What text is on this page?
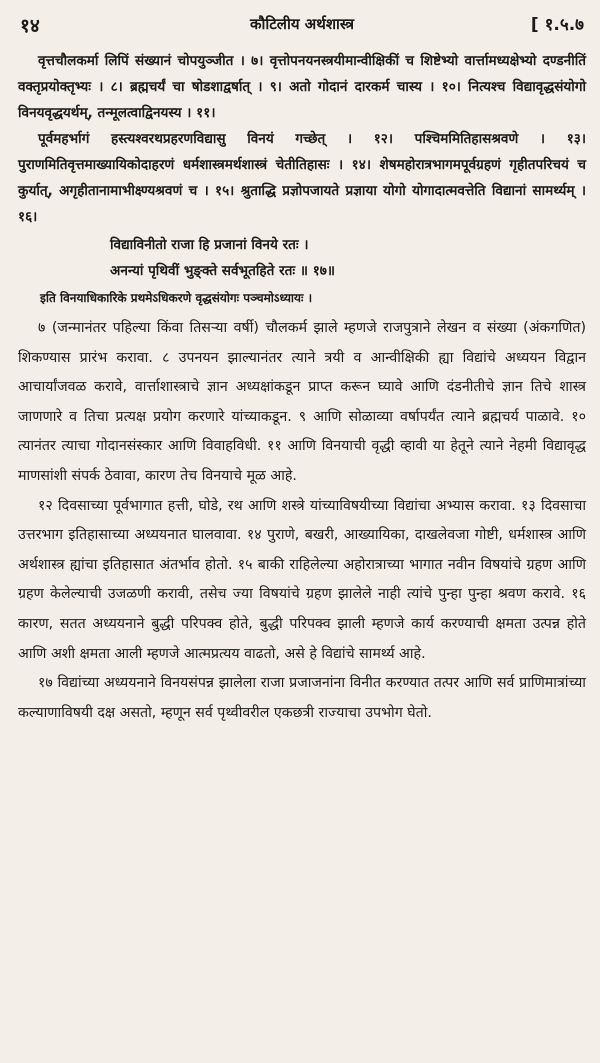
१४	कौटिलीय अर्थशास्त्र	[ १.५.७

वृत्तचौलकर्मा लिपिं संख्यानं चोपयुञ्जीत । ७। वृत्तोपनयनस्त्रयीमान्वीक्षिकीं च शिष्टेभ्यो वार्त्तामध्यक्षेभ्यो दण्डनीतिं वक्तृप्रयोक्तृभ्यः । ८। ब्रह्मचर्यं चा षोडशाद्वर्षात् । ९। अतो गोदानं दारकर्म चास्य । १०। नित्यश्च विद्यावृद्धसंयोगो विनयवृद्धयर्थम्, तन्मूलत्वाद्विनयस्य । ११।

पूर्वमहर्भागं हस्त्यश्वरथप्रहरणविद्यासु विनयं गच्छेत् । १२। पश्चिममितिहासश्रवणे । १३। पुराणमितिवृत्तमाख्यायिकोदाहरणं धर्मशास्त्रमर्थशास्त्रं चेतीतिहासः । १४। शेषमहोरात्रभागमपूर्वग्रहणं गृहीतपरिचयं च कुर्यात्, अगृहीतानामाभीक्ष्ण्यश्रवणं च । १५। श्रुताद्धि प्रज्ञोपजायते प्रज्ञाया योगो योगादात्मवत्तेति विद्यानां सामर्थ्यम् । १६।

विद्याविनीतो राजा हि प्रजानां विनये रतः ।
अनन्यां पृथिवीं भुङ्क्ते सर्वभूतहिते रतः ॥ १७॥
इति विनयाधिकारिके प्रथमेऽधिकरणे वृद्धसंयोगः पञ्चमोऽध्यायः ।

७ (जन्मानंतर पहिल्या किंवा तिसऱ्या वर्षी) चौलकर्म झाले म्हणजे राजपुत्राने लेखन व संख्या (अंकगणित) शिकण्यास प्रारंभ करावा. ८ उपनयन झाल्यानंतर त्याने त्रयी व आन्वीक्षिकी ह्या विद्यांचे अध्ययन विद्वान आचार्यांजवळ करावे, वार्त्ताशास्त्राचे ज्ञान अध्यक्षांकडून प्राप्त करून घ्यावे आणि दंडनीतीचे ज्ञान तिचे शास्त्र जाणणारे व तिचा प्रत्यक्ष प्रयोग करणारे यांच्याकडून. ९ आणि सोळाव्या वर्षापर्यंत त्याने ब्रह्मचर्य पाळावे. १० त्यानंतर त्याचा गोदानसंस्कार आणि विवाहविधी. ११ आणि विनयाची वृद्धी व्हावी या हेतूने त्याने नेहमी विद्यावृद्ध माणसांशी संपर्क ठेवावा, कारण तेच विनयाचे मूळ आहे.

१२ दिवसाच्या पूर्वभागात हत्ती, घोडे, रथ आणि शस्त्रे यांच्याविषयीच्या विद्यांचा अभ्यास करावा. १३ दिवसाचा उत्तरभाग इतिहासाच्या अध्ययनात घालवावा. १४ पुराणे, बखरी, आख्यायिका, दाखलेवजा गोष्टी, धर्मशास्त्र आणि अर्थशास्त्र ह्यांचा इतिहासात अंतर्भाव होतो. १५ बाकी राहिलेल्या अहोरात्राच्या भागात नवीन विषयांचे ग्रहण आणि ग्रहण केलेल्याची उजळणी करावी, तसेच ज्या विषयांचे ग्रहण झालेले नाही त्यांचे पुन्हा पुन्हा श्रवण करावे. १६ कारण, सतत अध्ययनाने बुद्धी परिपक्व होते, बुद्धी परिपक्व झाली म्हणजे कार्य करण्याची क्षमता उत्पन्न होते आणि अशी क्षमता आली म्हणजे आत्मप्रत्यय वाढतो, असे हे विद्यांचे सामर्थ्य आहे.

१७ विद्यांच्या अध्ययनाने विनयसंपन्न झालेला राजा प्रजाजनांना विनीत करण्यात तत्पर आणि सर्व प्राणिमात्रांच्या कल्याणाविषयी दक्ष असतो, म्हणून सर्व पृथ्वीवरील एकछत्री राज्याचा उपभोग घेतो.
